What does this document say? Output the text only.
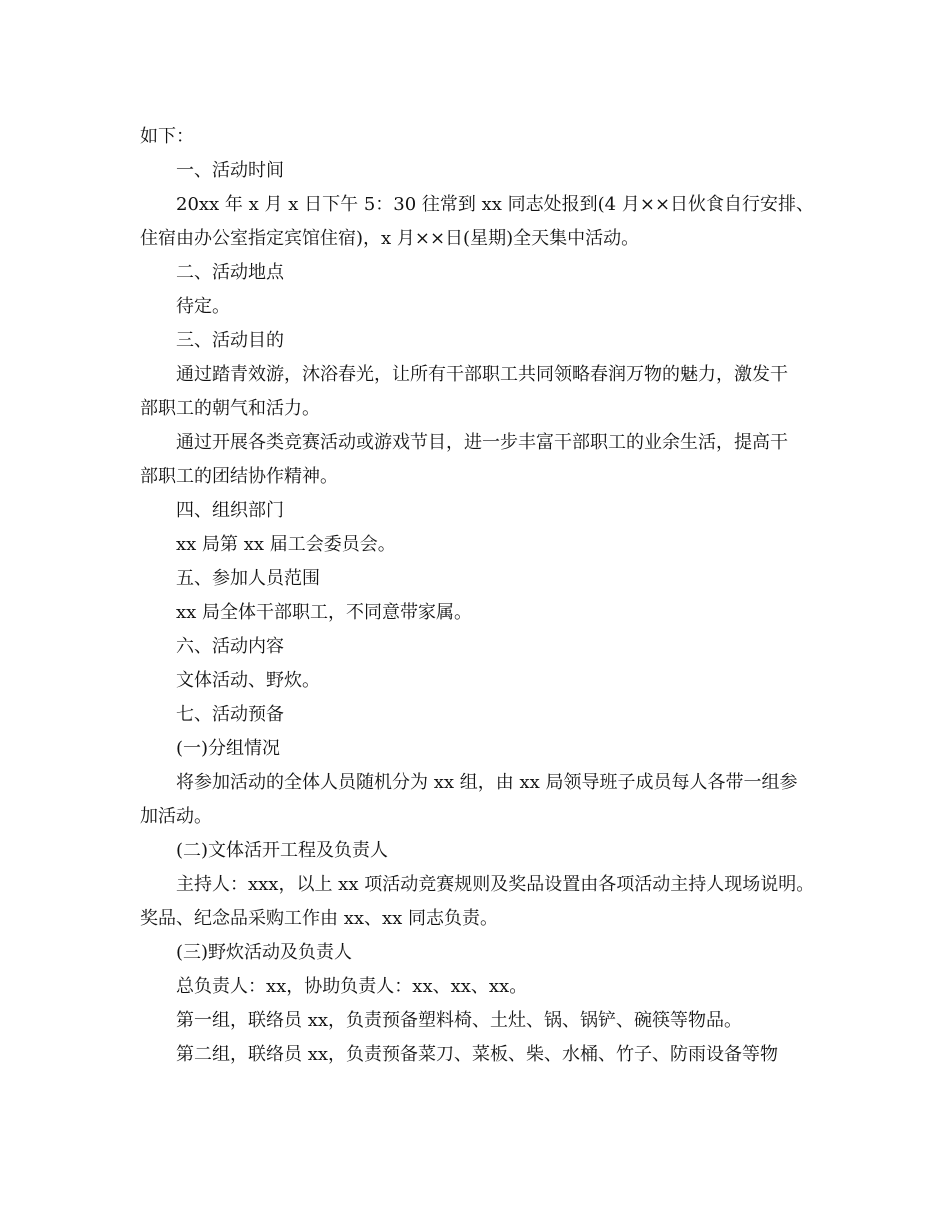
如下：
一、活动时间
20xx 年 x 月 x 日下午 5：30 往常到 xx 同志处报到(4 月××日伙食自行安排、
住宿由办公室指定宾馆住宿)，x 月××日(星期)全天集中活动。
二、活动地点
待定。
三、活动目的
通过踏青效游，沐浴春光，让所有干部职工共同领略春润万物的魅力，激发干
部职工的朝气和活力。
通过开展各类竞赛活动或游戏节目，进一步丰富干部职工的业余生活，提高干
部职工的团结协作精神。
四、组织部门
xx 局第 xx 届工会委员会。
五、参加人员范围
xx 局全体干部职工，不同意带家属。
六、活动内容
文体活动、野炊。
七、活动预备
(一)分组情况
将参加活动的全体人员随机分为 xx 组，由 xx 局领导班子成员每人各带一组参
加活动。
(二)文体活开工程及负责人
主持人：xxx，以上 xx 项活动竞赛规则及奖品设置由各项活动主持人现场说明。
奖品、纪念品采购工作由 xx、xx 同志负责。
(三)野炊活动及负责人
总负责人：xx，协助负责人：xx、xx、xx。
第一组，联络员 xx，负责预备塑料椅、土灶、锅、锅铲、碗筷等物品。
第二组，联络员 xx，负责预备菜刀、菜板、柴、水桶、竹子、防雨设备等物
